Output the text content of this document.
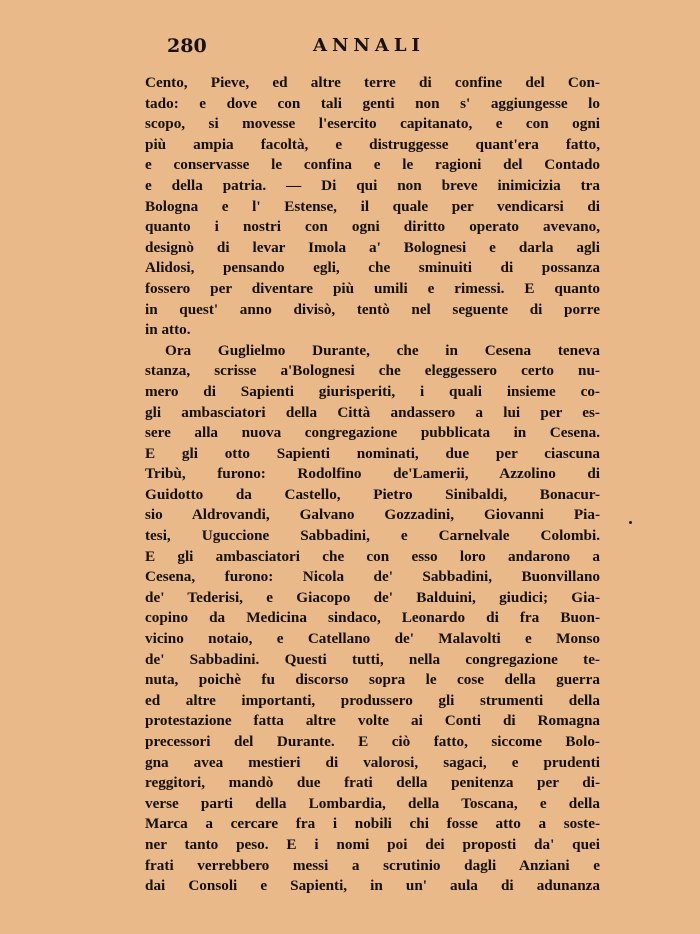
280	ANNALI
Cento, Pieve, ed altre terre di confine del Con-
tado: e dove con tali genti non s' aggiungesse lo
scopo, si movesse l'esercito capitanato, e con ogni
più ampia facoltà, e distruggesse quant'era fatto,
e conservasse le confina e le ragioni del Contado
e della patria. — Di qui non breve inimicizia tra
Bologna e l' Estense, il quale per vendicarsi di
quanto i nostri con ogni diritto operato avevano,
designò di levar Imola a' Bolognesi e darla agli
Alidosi, pensando egli, che sminuiti di possanza
fossero per diventare più umili e rimessi. E quanto
in quest' anno divisò, tentò nel seguente di porre
in atto.
Ora Guglielmo Durante, che in Cesena teneva
stanza, scrisse a'Bolognesi che eleggessero certo nu-
mero di Sapienti giurisperiti, i quali insieme co-
gli ambasciatori della Città andassero a lui per es-
sere alla nuova congregazione pubblicata in Cesena.
E gli otto Sapienti nominati, due per ciascuna
Tribù, furono: Rodolfino de'Lamerii, Azzolino di
Guidotto da Castello, Pietro Sinibaldi, Bonacur-
sio Aldrovandi, Galvano Gozzadini, Giovanni Pia-
tesi, Uguccione Sabbadini, e Carnelvale Colombi.
E gli ambasciatori che con esso loro andarono a
Cesena, furono: Nicola de' Sabbadini, Buonvillano
de' Tederisi, e Giacopo de' Balduini, giudici; Gia-
copino da Medicina sindaco, Leonardo di fra Buon-
vicino notaio, e Catellano de' Malavolti e Monso
de' Sabbadini. Questi tutti, nella congregazione te-
nuta, poichè fu discorso sopra le cose della guerra
ed altre importanti, produssero gli strumenti della
protestazione fatta altre volte ai Conti di Romagna
precessori del Durante. E ciò fatto, siccome Bolo-
gna avea mestieri di valorosi, sagaci, e prudenti
reggitori, mandò due frati della penitenza per di-
verse parti della Lombardia, della Toscana, e della
Marca a cercare fra i nobili chi fosse atto a soste-
ner tanto peso. E i nomi poi dei proposti da' quei
frati verrebbero messi a scrutinio dagli Anziani e
dai Consoli e Sapienti, in un' aula di adunanza
